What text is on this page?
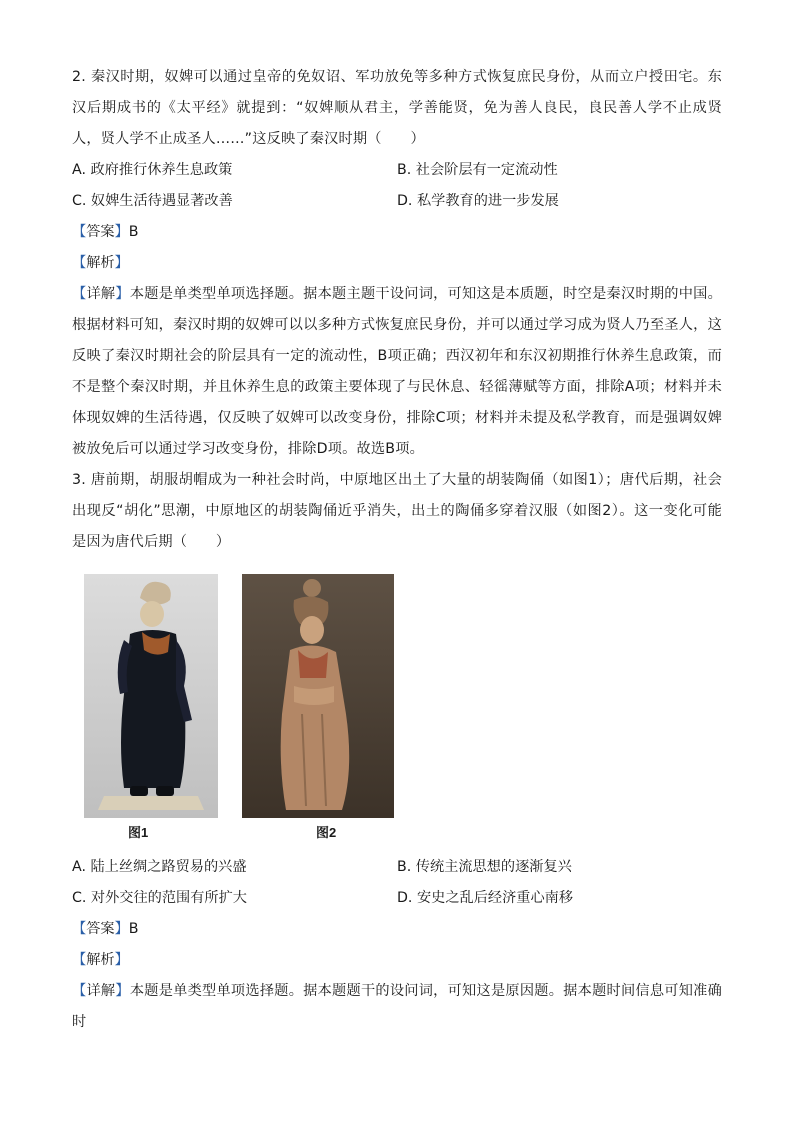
2. 秦汉时期，奴婢可以通过皇帝的免奴诏、军功放免等多种方式恢复庶民身份，从而立户授田宅。东汉后期成书的《太平经》就提到：“奴婢顺从君主，学善能贤，免为善人良民，良民善人学不止成贤人，贤人学不止成圣人……”这反映了秦汉时期（　　）

A. 政府推行休养生息政策	B. 社会阶层有一定流动性
C. 奴婢生活待遇显著改善	D. 私学教育的进一步发展
【答案】B
【解析】

【详解】本题是单类型单项选择题。据本题主题干设问词，可知这是本质题，时空是秦汉时期的中国。根据材料可知，秦汉时期的奴婢可以以多种方式恢复庶民身份，并可以通过学习成为贤人乃至圣人，这反映了秦汉时期社会的阶层具有一定的流动性，B项正确；西汉初年和东汉初期推行休养生息政策，而不是整个秦汉时期，并且休养生息的政策主要体现了与民休息、轻徭薄赋等方面，排除A项；材料并未体现奴婢的生活待遇，仅反映了奴婢可以改变身份，排除C项；材料并未提及私学教育，而是强调奴婢被放免后可以通过学习改变身份，排除D项。故选B项。

3. 唐前期，胡服胡帽成为一种社会时尚，中原地区出土了大量的胡装陶俑（如图1）；唐代后期，社会出现反“胡化”思潮，中原地区的胡装陶俑近乎消失，出土的陶俑多穿着汉服（如图2）。这一变化可能是因为唐代后期（　　）

图1	图2
A. 陆上丝绸之路贸易的兴盛	B. 传统主流思想的逐渐复兴
C. 对外交往的范围有所扩大	D. 安史之乱后经济重心南移
【答案】B
【解析】

【详解】本题是单类型单项选择题。据本题题干的设问词，可知这是原因题。据本题时间信息可知准确时
